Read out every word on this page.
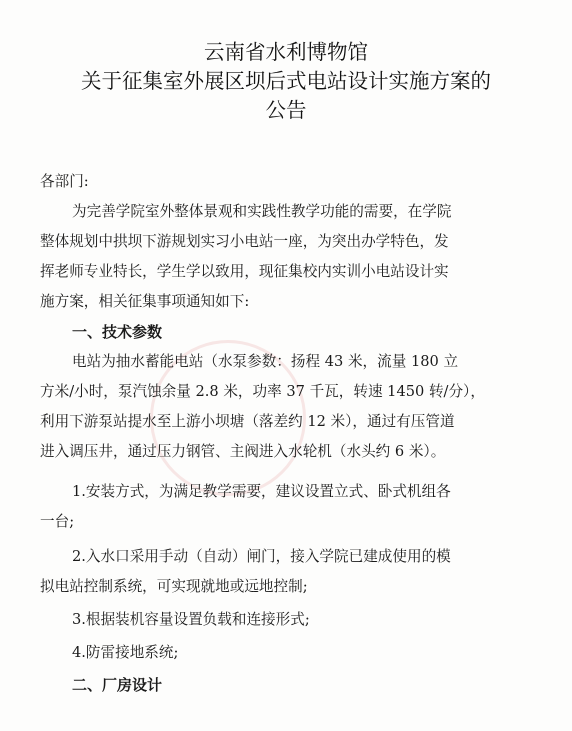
云南省水利博物馆
关于征集室外展区坝后式电站设计实施方案的
公告
各部门:
为完善学院室外整体景观和实践性教学功能的需要，在学院
整体规划中拱坝下游规划实习小电站一座，为突出办学特色，发
挥老师专业特长，学生学以致用，现征集校内实训小电站设计实
施方案，相关征集事项通知如下:
一、技术参数
电站为抽水蓄能电站（水泵参数：扬程 43 米，流量 180 立
方米/小时，泵汽蚀余量 2.8 米，功率 37 千瓦，转速 1450 转/分），
利用下游泵站提水至上游小坝塘（落差约 12 米），通过有压管道
进入调压井，通过压力钢管、主阀进入水轮机（水头约 6 米）。
1.安装方式，为满足教学需要，建议设置立式、卧式机组各
一台;
2.入水口采用手动（自动）闸门，接入学院已建成使用的模
拟电站控制系统，可实现就地或远地控制;
3.根据装机容量设置负载和连接形式;
4.防雷接地系统;
二、厂房设计
